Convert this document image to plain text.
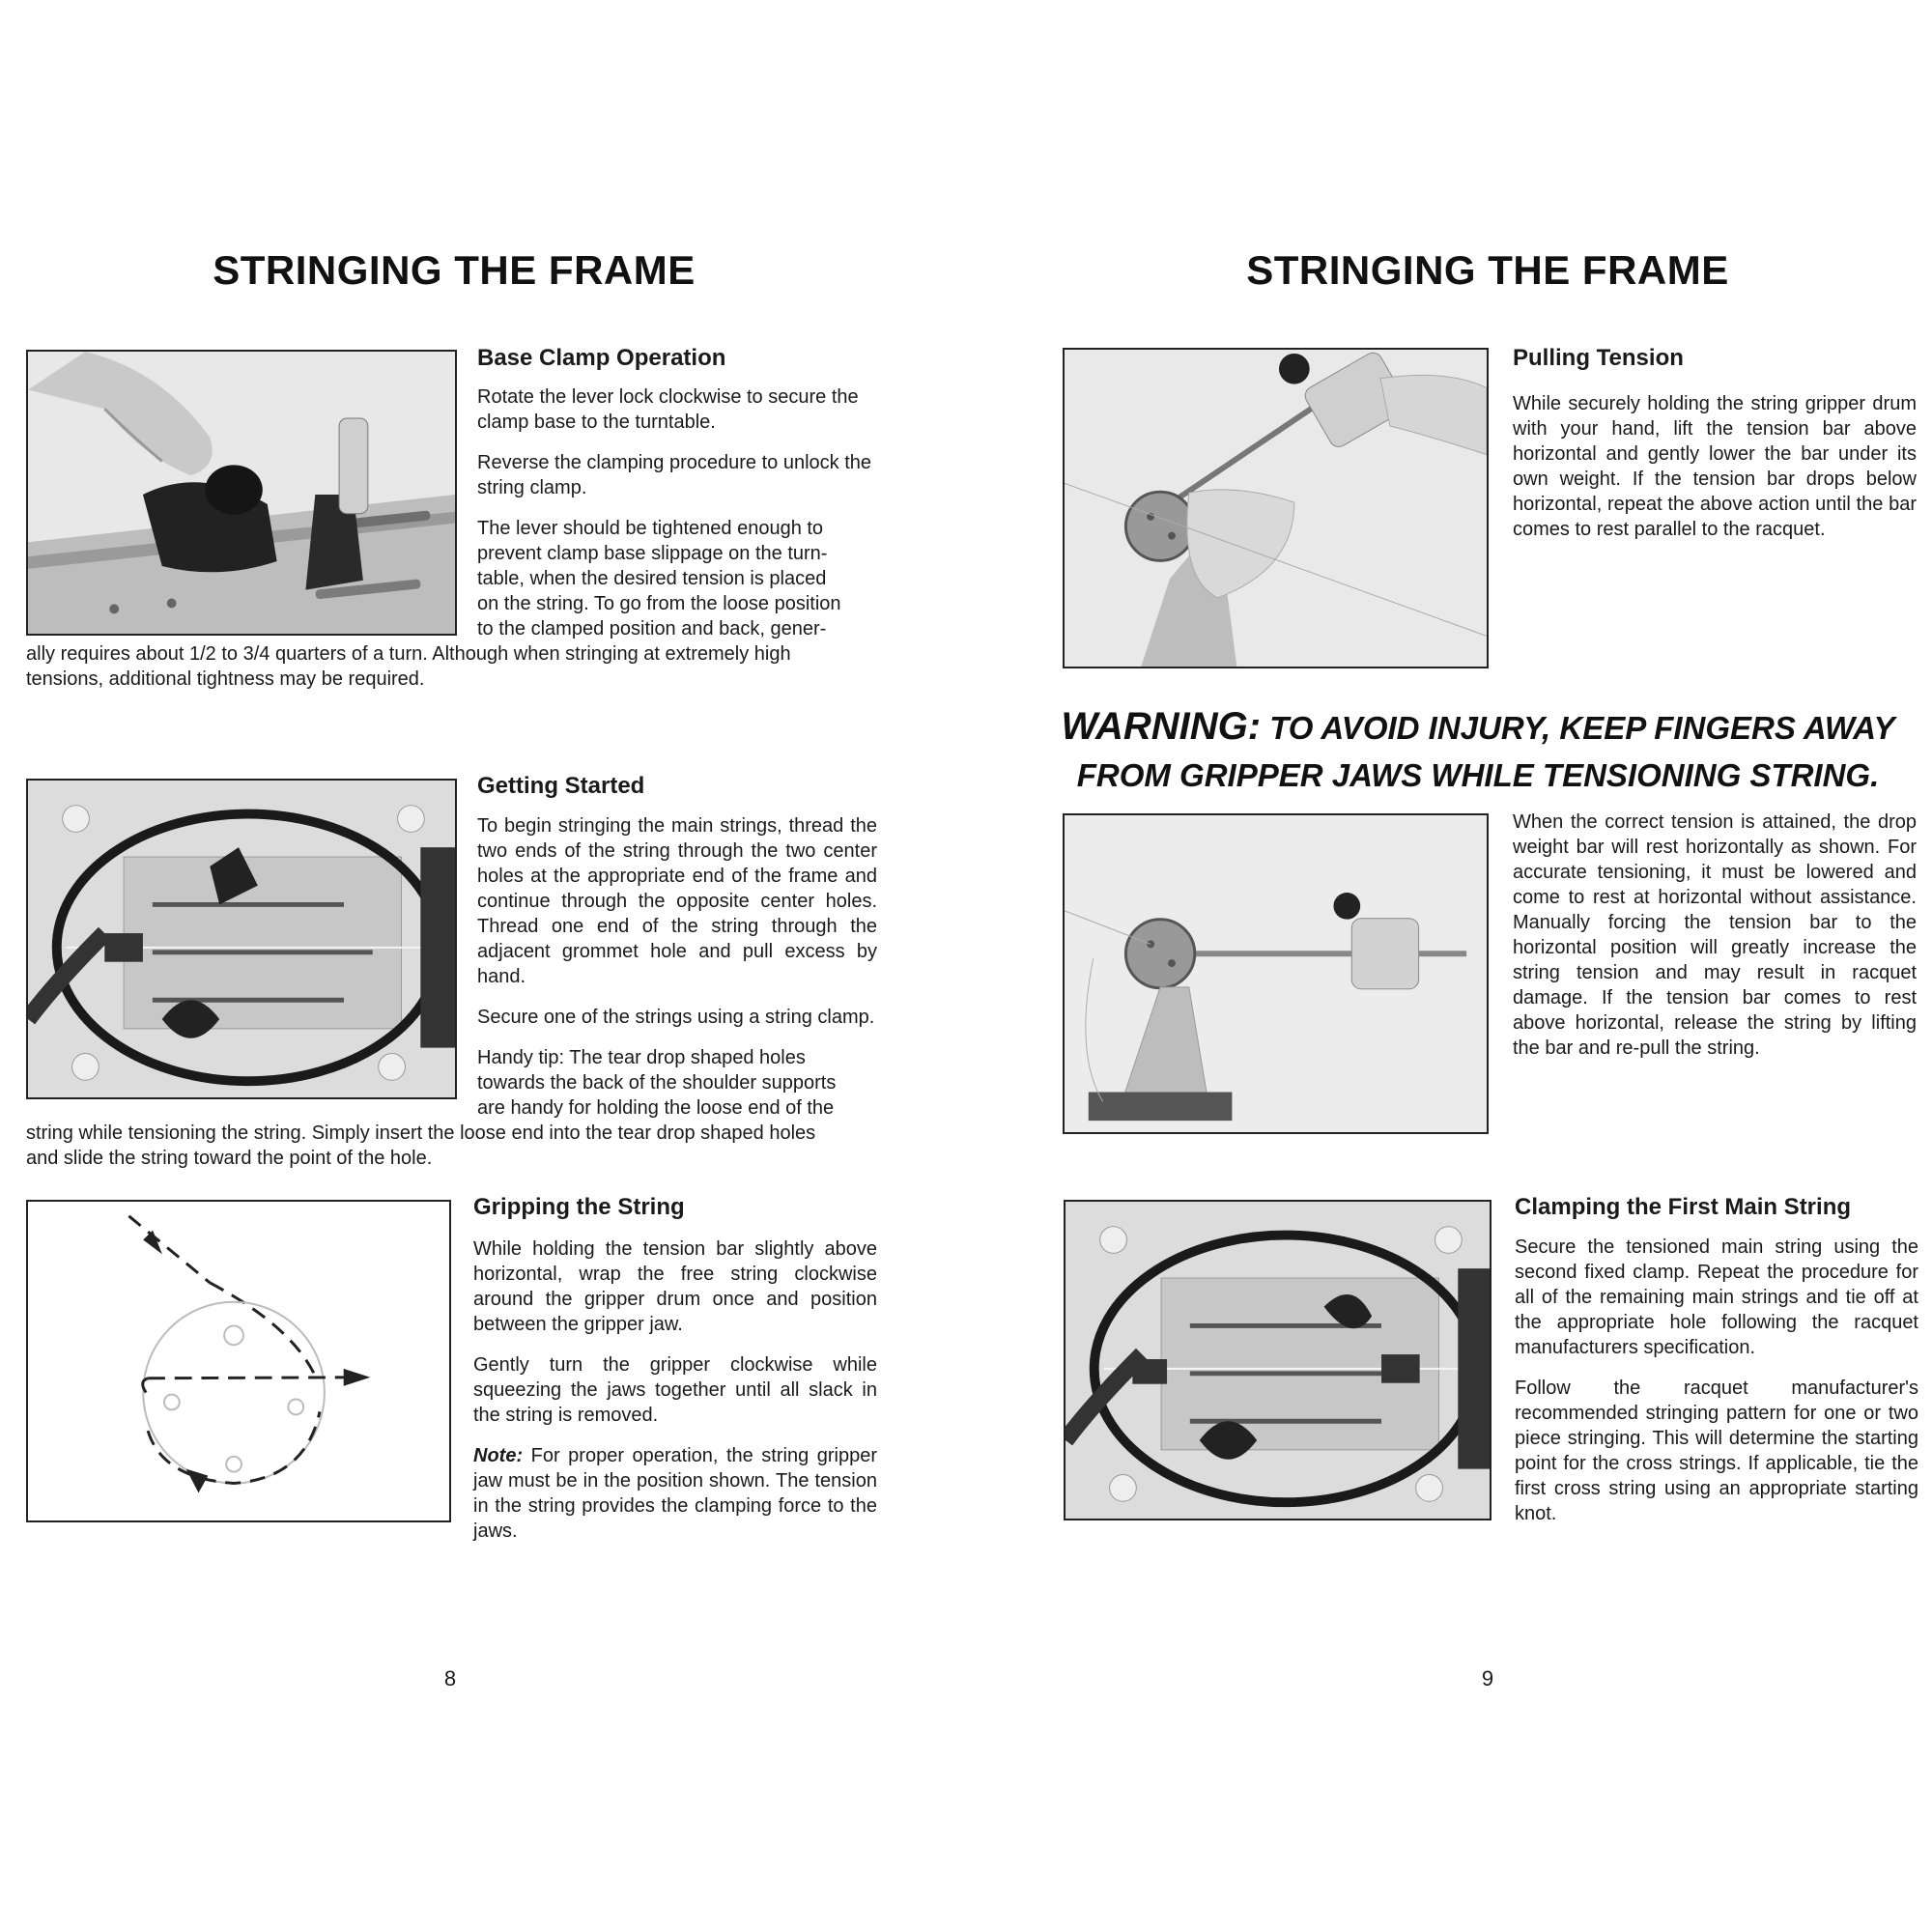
STRINGING THE FRAME
Base Clamp Operation

Rotate the lever lock clockwise to secure the clamp base to the turntable.

Reverse the clamping procedure to unlock the string clamp.

The lever should be tightened enough to
prevent clamp base slippage on the turn-
table, when the desired tension is placed
on the string. To go from the loose position
to the clamped position and back, gener-
ally requires about 1/2 to 3/4 quarters of a turn. Although when stringing at extremely high
tensions, additional tightness may be required.
Getting Started

To begin stringing the main strings, thread the two ends of the string through the two center holes at the appropriate end of the frame and continue through the opposite center holes. Thread one end of the string through the adjacent grommet hole and pull excess by hand.

Secure one of the strings using a string clamp.

Handy tip: The tear drop shaped holes
towards the back of the shoulder supports
are handy for holding the loose end of the
string while tensioning the string. Simply insert the loose end into the tear drop shaped holes
and slide the string toward the point of the hole.
Gripping the String

While holding the tension bar slightly above horizontal, wrap the free string clockwise around the gripper drum once and position between the gripper jaw.

Gently turn the gripper clockwise while squeezing the jaws together until all slack in the string is removed.

Note: For proper operation, the string gripper jaw must be in the position shown. The tension in the string provides the clamping force to the jaws.

8
STRINGING THE FRAME
Pulling Tension

While securely holding the string gripper drum with your hand, lift the tension bar above horizontal and gently lower the bar under its own weight. If the tension bar drops below horizontal, repeat the above action until the bar comes to rest parallel to the racquet.

WARNING: TO AVOID INJURY, KEEP FINGERS AWAY
FROM GRIPPER JAWS WHILE TENSIONING STRING.

When the correct tension is attained, the drop weight bar will rest horizontally as shown. For accurate tensioning, it must be lowered and come to rest at horizontal without assistance. Manually forcing the tension bar to the horizontal position will greatly increase the string tension and may result in racquet damage. If the tension bar comes to rest above horizontal, release the string by lifting the bar and re-pull the string.

Clamping the First Main String

Secure the tensioned main string using the second fixed clamp. Repeat the procedure for all of the remaining main strings and tie off at the appropriate hole following the racquet manufacturers specification.

Follow the racquet manufacturer's recommended stringing pattern for one or two piece stringing. This will determine the starting point for the cross strings. If applicable, tie the first cross string using an appropriate starting knot.

9
